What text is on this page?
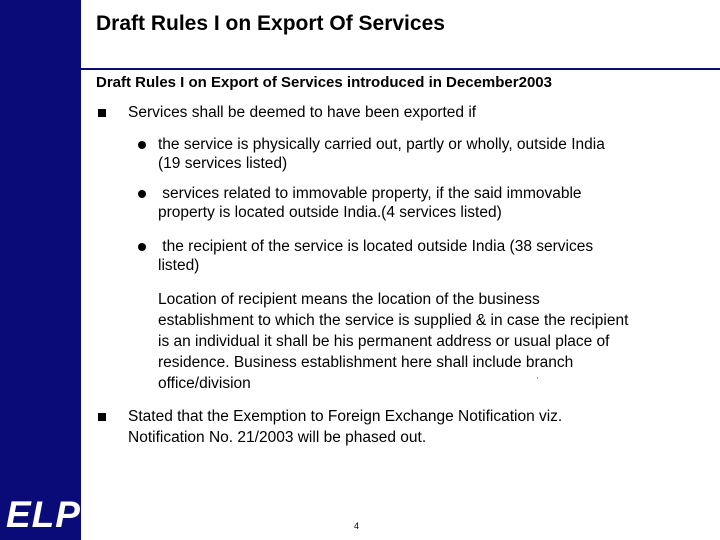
ELP
Draft Rules I on Export Of Services
Draft Rules I on Export of Services introduced in December2003
Services shall be deemed to have been exported if
the service is physically carried out, partly or wholly, outside India
(19 services listed)
services related to immovable property, if the said immovable
property is located outside India.(4 services listed)
the recipient of the service is located outside India (38 services
listed)
Location of recipient means the location of the business
establishment to which the service is supplied & in case the recipient
is an individual it shall be his permanent address or usual place of
residence. Business establishment here shall include branch
office/division	'
Stated that the Exemption to Foreign Exchange Notification viz.
Notification No. 21/2003 will be phased out.
4
